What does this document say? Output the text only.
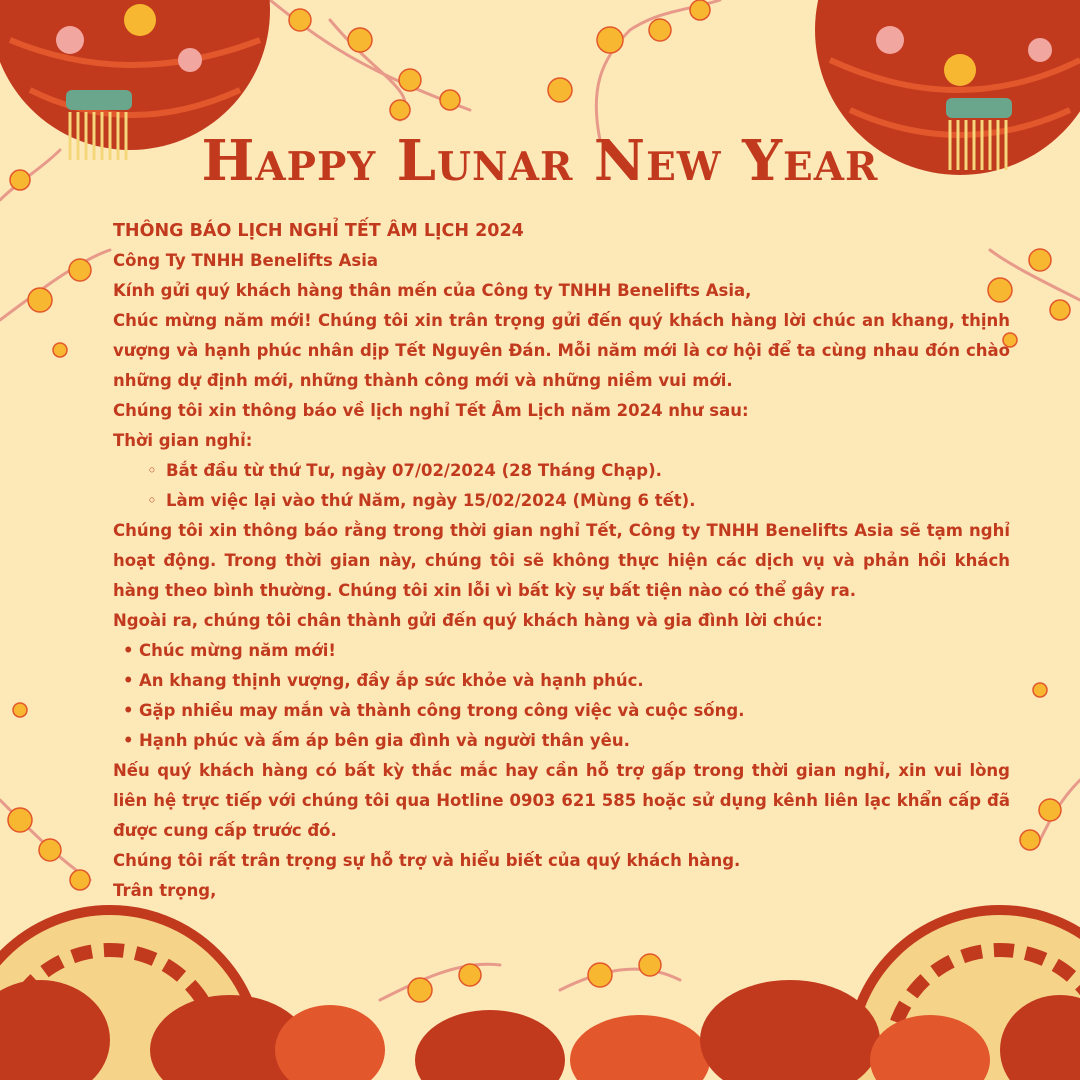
Happy Lunar New Year

THÔNG BÁO LỊCH NGHỈ TẾT ÂM LỊCH 2024

Công Ty TNHH Benelifts Asia

Kính gửi quý khách hàng thân mến của Công ty TNHH Benelifts Asia,

Chúc mừng năm mới! Chúng tôi xin trân trọng gửi đến quý khách hàng lời chúc an khang, thịnh vượng và hạnh phúc nhân dịp Tết Nguyên Đán. Mỗi năm mới là cơ hội để ta cùng nhau đón chào những dự định mới, những thành công mới và những niềm vui mới.

Chúng tôi xin thông báo về lịch nghỉ Tết Âm Lịch năm 2024 như sau:

Thời gian nghỉ:

◦ Bắt đầu từ thứ Tư, ngày 07/02/2024 (28 Tháng Chạp).
◦ Làm việc lại vào thứ Năm, ngày 15/02/2024 (Mùng 6 tết).

Chúng tôi xin thông báo rằng trong thời gian nghỉ Tết, Công ty TNHH Benelifts Asia sẽ tạm nghỉ hoạt động. Trong thời gian này, chúng tôi sẽ không thực hiện các dịch vụ và phản hồi khách hàng theo bình thường. Chúng tôi xin lỗi vì bất kỳ sự bất tiện nào có thể gây ra.

Ngoài ra, chúng tôi chân thành gửi đến quý khách hàng và gia đình lời chúc:

• Chúc mừng năm mới!
• An khang thịnh vượng, đầy ắp sức khỏe và hạnh phúc.
• Gặp nhiều may mắn và thành công trong công việc và cuộc sống.
• Hạnh phúc và ấm áp bên gia đình và người thân yêu.

Nếu quý khách hàng có bất kỳ thắc mắc hay cần hỗ trợ gấp trong thời gian nghỉ, xin vui lòng liên hệ trực tiếp với chúng tôi qua Hotline 0903 621 585 hoặc sử dụng kênh liên lạc khẩn cấp đã được cung cấp trước đó.

Chúng tôi rất trân trọng sự hỗ trợ và hiểu biết của quý khách hàng.

Trân trọng,
